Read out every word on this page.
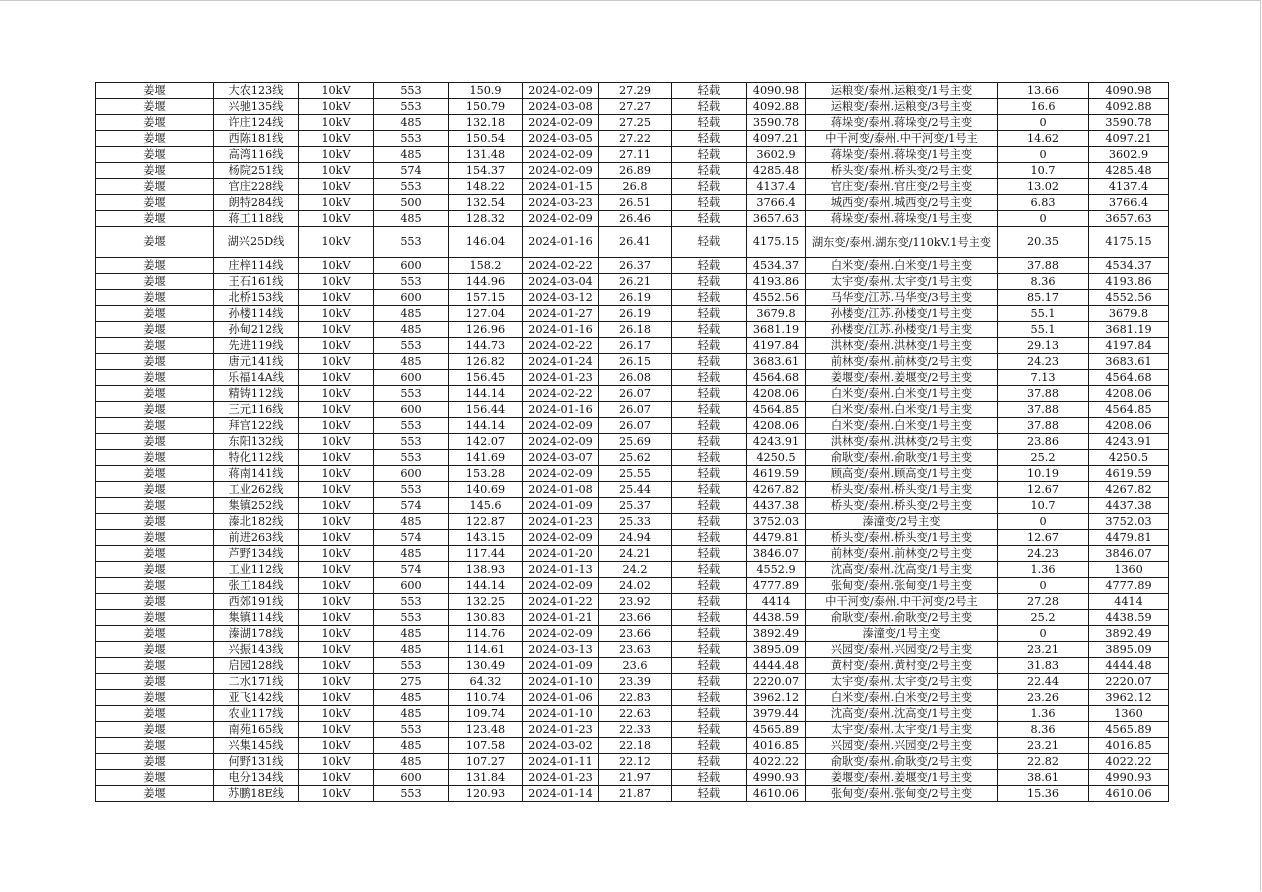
姜堰	大农123线	10kV	553	150.9	2024-02-09	27.29	轻载	4090.98	运粮变/泰州.运粮变/1号主变	13.66	4090.98
姜堰	兴驰135线	10kV	553	150.79	2024-03-08	27.27	轻载	4092.88	运粮变/泰州.运粮变/3号主变	16.6	4092.88
姜堰	许庄124线	10kV	485	132.18	2024-02-09	27.25	轻载	3590.78	蒋垛变/泰州.蒋垛变/2号主变	0	3590.78
姜堰	西陈181线	10kV	553	150.54	2024-03-05	27.22	轻载	4097.21	中干河变/泰州.中干河变/1号主	14.62	4097.21
姜堰	高湾116线	10kV	485	131.48	2024-02-09	27.11	轻载	3602.9	蒋垛变/泰州.蒋垛变/1号主变	0	3602.9
姜堰	杨院251线	10kV	574	154.37	2024-02-09	26.89	轻载	4285.48	桥头变/泰州.桥头变/2号主变	10.7	4285.48
姜堰	官庄228线	10kV	553	148.22	2024-01-15	26.8	轻载	4137.4	官庄变/泰州.官庄变/2号主变	13.02	4137.4
姜堰	朗特284线	10kV	500	132.54	2024-03-23	26.51	轻载	3766.4	城西变/泰州.城西变/2号主变	6.83	3766.4
姜堰	蒋工118线	10kV	485	128.32	2024-02-09	26.46	轻载	3657.63	蒋垛变/泰州.蒋垛变/1号主变	0	3657.63
姜堰	湖兴25D线	10kV	553	146.04	2024-01-16	26.41	轻载	4175.15	湖东变/泰州.湖东变/110kV.1号主变	20.35	4175.15
姜堰	庄梓114线	10kV	600	158.2	2024-02-22	26.37	轻载	4534.37	白米变/泰州.白米变/1号主变	37.88	4534.37
姜堰	王石161线	10kV	553	144.96	2024-03-04	26.21	轻载	4193.86	太宇变/泰州.太宇变/1号主变	8.36	4193.86
姜堰	北桥153线	10kV	600	157.15	2024-03-12	26.19	轻载	4552.56	马华变/江苏.马华变/3号主变	85.17	4552.56
姜堰	孙楼114线	10kV	485	127.04	2024-01-27	26.19	轻载	3679.8	孙楼变/江苏.孙楼变/1号主变	55.1	3679.8
姜堰	孙甸212线	10kV	485	126.96	2024-01-16	26.18	轻载	3681.19	孙楼变/江苏.孙楼变/1号主变	55.1	3681.19
姜堰	先进119线	10kV	553	144.73	2024-02-22	26.17	轻载	4197.84	洪林变/泰州.洪林变/1号主变	29.13	4197.84
姜堰	唐元141线	10kV	485	126.82	2024-01-24	26.15	轻载	3683.61	前林变/泰州.前林变/2号主变	24.23	3683.61
姜堰	乐福14A线	10kV	600	156.45	2024-01-23	26.08	轻载	4564.68	姜堰变/泰州.姜堰变/2号主变	7.13	4564.68
姜堰	精铸112线	10kV	553	144.14	2024-02-22	26.07	轻载	4208.06	白米变/泰州.白米变/1号主变	37.88	4208.06
姜堰	三元116线	10kV	600	156.44	2024-01-16	26.07	轻载	4564.85	白米变/泰州.白米变/1号主变	37.88	4564.85
姜堰	拜官122线	10kV	553	144.14	2024-02-09	26.07	轻载	4208.06	白米变/泰州.白米变/1号主变	37.88	4208.06
姜堰	东阳132线	10kV	553	142.07	2024-02-09	25.69	轻载	4243.91	洪林变/泰州.洪林变/2号主变	23.86	4243.91
姜堰	特化112线	10kV	553	141.69	2024-03-07	25.62	轻载	4250.5	俞耿变/泰州.俞耿变/1号主变	25.2	4250.5
姜堰	蒋南141线	10kV	600	153.28	2024-02-09	25.55	轻载	4619.59	顾高变/泰州.顾高变/1号主变	10.19	4619.59
姜堰	工业262线	10kV	553	140.69	2024-01-08	25.44	轻载	4267.82	桥头变/泰州.桥头变/1号主变	12.67	4267.82
姜堰	集镇252线	10kV	574	145.6	2024-01-09	25.37	轻载	4437.38	桥头变/泰州.桥头变/2号主变	10.7	4437.38
姜堰	溱北182线	10kV	485	122.87	2024-01-23	25.33	轻载	3752.03	溱潼变/2号主变	0	3752.03
姜堰	前进263线	10kV	574	143.15	2024-02-09	24.94	轻载	4479.81	桥头变/泰州.桥头变/1号主变	12.67	4479.81
姜堰	芦野134线	10kV	485	117.44	2024-01-20	24.21	轻载	3846.07	前林变/泰州.前林变/2号主变	24.23	3846.07
姜堰	工业112线	10kV	574	138.93	2024-01-13	24.2	轻载	4552.9	沈高变/泰州.沈高变/1号主变	1.36	1360
姜堰	张工184线	10kV	600	144.14	2024-02-09	24.02	轻载	4777.89	张甸变/泰州.张甸变/1号主变	0	4777.89
姜堰	西郊191线	10kV	553	132.25	2024-01-22	23.92	轻载	4414	中干河变/泰州.中干河变/2号主	27.28	4414
姜堰	集镇114线	10kV	553	130.83	2024-01-21	23.66	轻载	4438.59	俞耿变/泰州.俞耿变/2号主变	25.2	4438.59
姜堰	溱湖178线	10kV	485	114.76	2024-02-09	23.66	轻载	3892.49	溱潼变/1号主变	0	3892.49
姜堰	兴振143线	10kV	485	114.61	2024-03-13	23.63	轻载	3895.09	兴园变/泰州.兴园变/2号主变	23.21	3895.09
姜堰	启园128线	10kV	553	130.49	2024-01-09	23.6	轻载	4444.48	黄村变/泰州.黄村变/2号主变	31.83	4444.48
姜堰	二水171线	10kV	275	64.32	2024-01-10	23.39	轻载	2220.07	太宇变/泰州.太宇变/2号主变	22.44	2220.07
姜堰	亚飞142线	10kV	485	110.74	2024-01-06	22.83	轻载	3962.12	白米变/泰州.白米变/2号主变	23.26	3962.12
姜堰	农业117线	10kV	485	109.74	2024-01-10	22.63	轻载	3979.44	沈高变/泰州.沈高变/1号主变	1.36	1360
姜堰	南苑165线	10kV	553	123.48	2024-01-23	22.33	轻载	4565.89	太宇变/泰州.太宇变/1号主变	8.36	4565.89
姜堰	兴集145线	10kV	485	107.58	2024-03-02	22.18	轻载	4016.85	兴园变/泰州.兴园变/2号主变	23.21	4016.85
姜堰	何野131线	10kV	485	107.27	2024-01-11	22.12	轻载	4022.22	俞耿变/泰州.俞耿变/2号主变	22.82	4022.22
姜堰	电分134线	10kV	600	131.84	2024-01-23	21.97	轻载	4990.93	姜堰变/泰州.姜堰变/1号主变	38.61	4990.93
姜堰	苏鹏18E线	10kV	553	120.93	2024-01-14	21.87	轻载	4610.06	张甸变/泰州.张甸变/2号主变	15.36	4610.06
